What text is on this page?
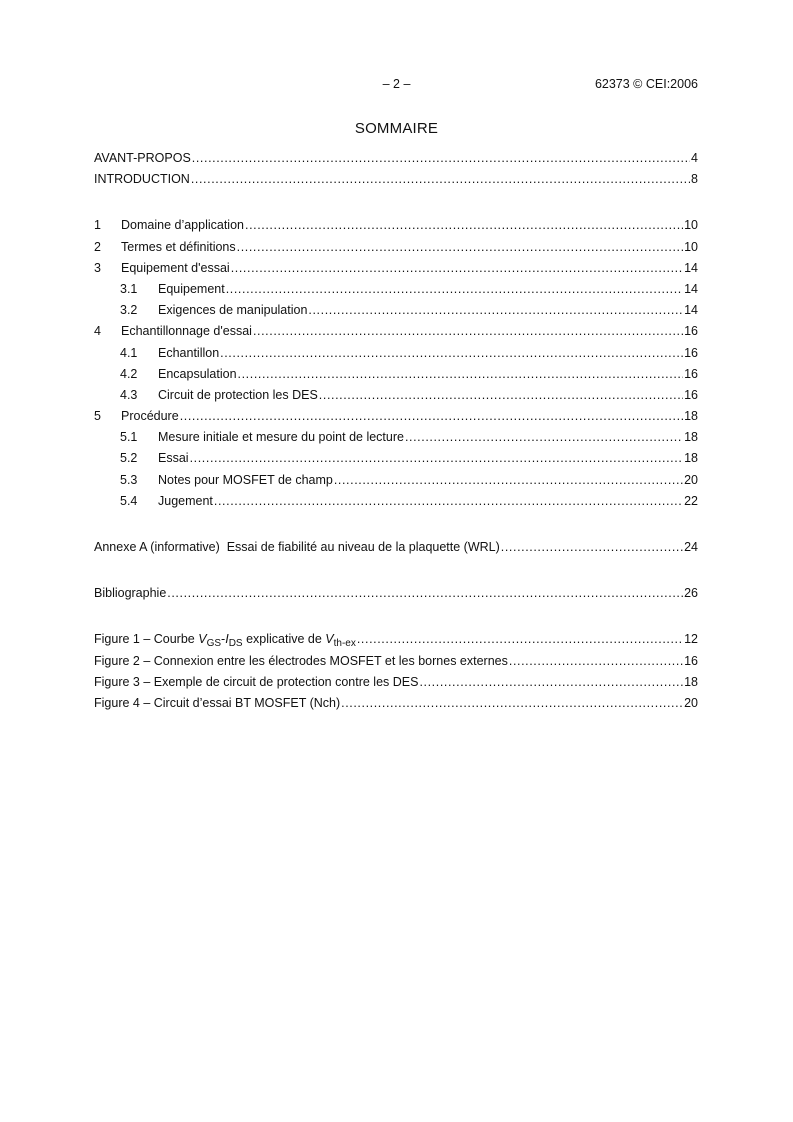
– 2 –	62373 © CEI:2006
SOMMAIRE
AVANT-PROPOS .....	4
INTRODUCTION .....	8
1	Domaine d’application .....	10
2	Termes et définitions .....	10
3	Equipement d'essai .....	14
3.1	Equipement .....	14
3.2	Exigences de manipulation .....	14
4	Echantillonnage d'essai .....	16
4.1	Echantillon .....	16
4.2	Encapsulation .....	16
4.3	Circuit de protection les DES .....	16
5	Procédure .....	18
5.1	Mesure initiale et mesure du point de lecture .....	18
5.2	Essai .....	18
5.3	Notes pour MOSFET de champ .....	20
5.4	Jugement .....	22
Annexe A (informative)  Essai de fiabilité au niveau de la plaquette (WRL) .....	24
Bibliographie .....	26
Figure 1 – Courbe $V_{GS}-I_{DS}$ explicative de $V_{th-ex}$ .....	12
Figure 2 – Connexion entre les électrodes MOSFET et les bornes externes .....	16
Figure 3 – Exemple de circuit de protection contre les DES .....	18
Figure 4 – Circuit d’essai BT MOSFET (Nch) .....	20
